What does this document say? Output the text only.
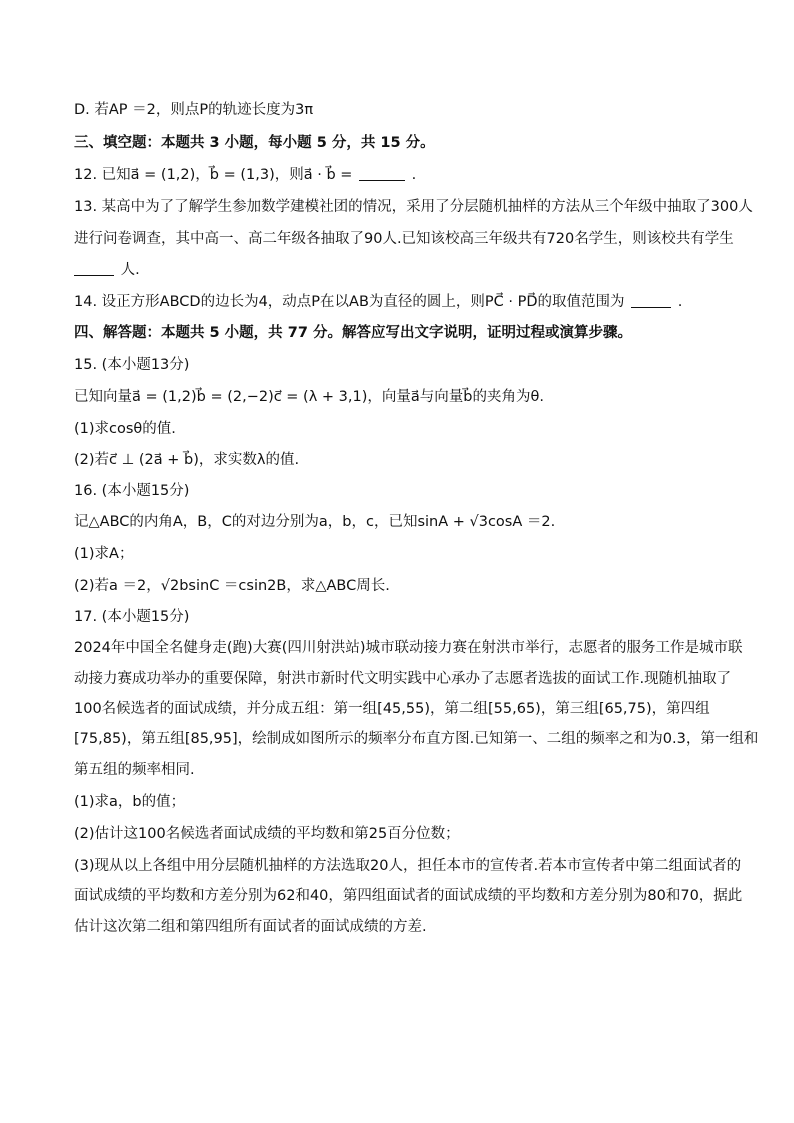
D. 若AP ＝2，则点P的轨迹长度为3π
三、填空题：本题共 3 小题，每小题 5 分，共 15 分。
12. 已知a⃗ = (1,2)，b⃗ = (1,3)，则a⃗ · b⃗ =	.
13. 某高中为了了解学生参加数学建模社团的情况，采用了分层随机抽样的方法从三个年级中抽取了300人
进行问卷调查，其中高一、高二年级各抽取了90人.已知该校高三年级共有720名学生，则该校共有学生
人.
14. 设正方形ABCD的边长为4，动点P在以AB为直径的圆上，则PC⃗ · PD⃗的取值范围为	.
四、解答题：本题共 5 小题，共 77 分。解答应写出文字说明，证明过程或演算步骤。
15. (本小题13分)
已知向量a⃗ = (1,2)b⃗ = (2,−2)c⃗ = (λ + 3,1)，向量a⃗与向量b⃗的夹角为θ.
(1)求cosθ的值.
(2)若c⃗ ⊥ (2a⃗ + b⃗)，求实数λ的值.
16. (本小题15分)
记△ABC的内角A，B，C的对边分别为a，b，c，已知sinA + √3cosA ＝2.
(1)求A；
(2)若a ＝2，√2bsinC ＝csin2B，求△ABC周长.
17. (本小题15分)
2024年中国全名健身走(跑)大赛(四川射洪站)城市联动接力赛在射洪市举行，志愿者的服务工作是城市联
动接力赛成功举办的重要保障，射洪市新时代文明实践中心承办了志愿者选拔的面试工作.现随机抽取了
100名候选者的面试成绩，并分成五组：第一组[45,55)，第二组[55,65)，第三组[65,75)，第四组
[75,85)，第五组[85,95]，绘制成如图所示的频率分布直方图.已知第一、二组的频率之和为0.3，第一组和
第五组的频率相同.
(1)求a，b的值；
(2)估计这100名候选者面试成绩的平均数和第25百分位数；
(3)现从以上各组中用分层随机抽样的方法选取20人，担任本市的宣传者.若本市宣传者中第二组面试者的
面试成绩的平均数和方差分别为62和40，第四组面试者的面试成绩的平均数和方差分别为80和70，据此
估计这次第二组和第四组所有面试者的面试成绩的方差.
